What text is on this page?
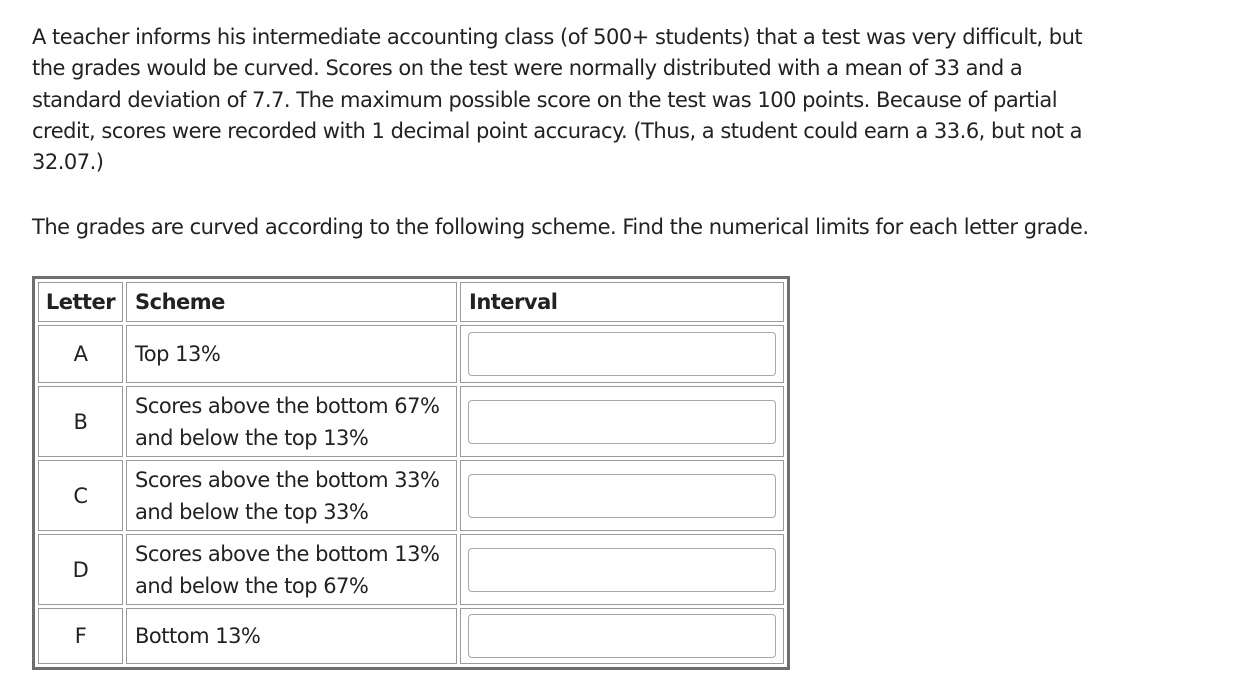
A teacher informs his intermediate accounting class (of 500+ students) that a test was very difficult, but the grades would be curved. Scores on the test were normally distributed with a mean of 33 and a standard deviation of 7.7. The maximum possible score on the test was 100 points. Because of partial credit, scores were recorded with 1 decimal point accuracy. (Thus, a student could earn a 33.6, but not a 32.07.)

The grades are curved according to the following scheme. Find the numerical limits for each letter grade.

Letter	Scheme	Interval
A	Top 13%	

B	Scores above the bottom 67% and below the top 13%	

C	Scores above the bottom 33% and below the top 33%	

D	Scores above the bottom 13% and below the top 67%	

F	Bottom 13%	
